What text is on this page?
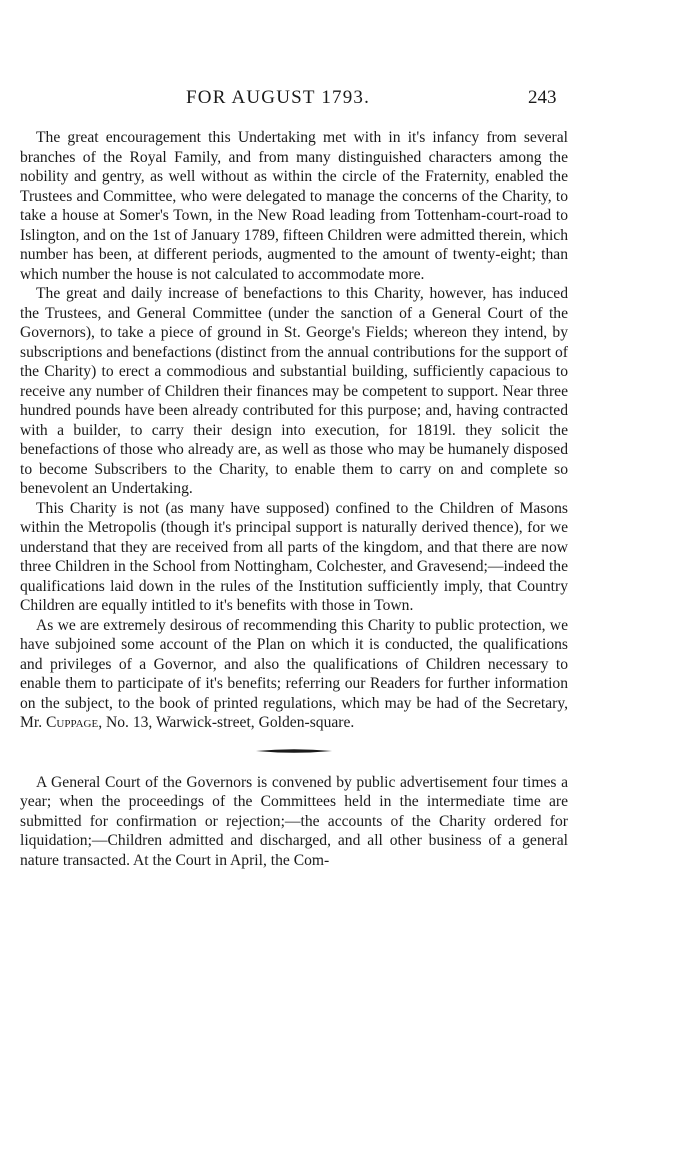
FOR AUGUST 1793.	243

The great encouragement this Undertaking met with in it's infancy from several branches of the Royal Family, and from many distinguished characters among the nobility and gentry, as well without as within the circle of the Fraternity, enabled the Trustees and Committee, who were delegated to manage the concerns of the Charity, to take a house at Somer's Town, in the New Road leading from Tottenham-court-road to Islington, and on the 1st of January 1789, fifteen Children were admitted therein, which number has been, at different periods, augmented to the amount of twenty-eight; than which number the house is not calculated to accommodate more.

The great and daily increase of benefactions to this Charity, however, has induced the Trustees, and General Committee (under the sanction of a General Court of the Governors), to take a piece of ground in St. George's Fields; whereon they intend, by subscriptions and benefactions (distinct from the annual contributions for the support of the Charity) to erect a commodious and substantial building, sufficiently capacious to receive any number of Children their finances may be competent to support. Near three hundred pounds have been already contributed for this purpose; and, having contracted with a builder, to carry their design into execution, for 1819l. they solicit the benefactions of those who already are, as well as those who may be humanely disposed to become Subscribers to the Charity, to enable them to carry on and complete so benevolent an Undertaking.

This Charity is not (as many have supposed) confined to the Children of Masons within the Metropolis (though it's principal support is naturally derived thence), for we understand that they are received from all parts of the kingdom, and that there are now three Children in the School from Nottingham, Colchester, and Gravesend;—indeed the qualifications laid down in the rules of the Institution sufficiently imply, that Country Children are equally intitled to it's benefits with those in Town.

As we are extremely desirous of recommending this Charity to public protection, we have subjoined some account of the Plan on which it is conducted, the qualifications and privileges of a Governor, and also the qualifications of Children necessary to enable them to participate of it's benefits; referring our Readers for further information on the subject, to the book of printed regulations, which may be had of the Secretary, Mr. Cuppage, No. 13, Warwick-street, Golden-square.

A General Court of the Governors is convened by public advertisement four times a year; when the proceedings of the Committees held in the intermediate time are submitted for confirmation or rejection;—the accounts of the Charity ordered for liquidation;—Children admitted and discharged, and all other business of a general nature transacted. At the Court in April, the Com-
